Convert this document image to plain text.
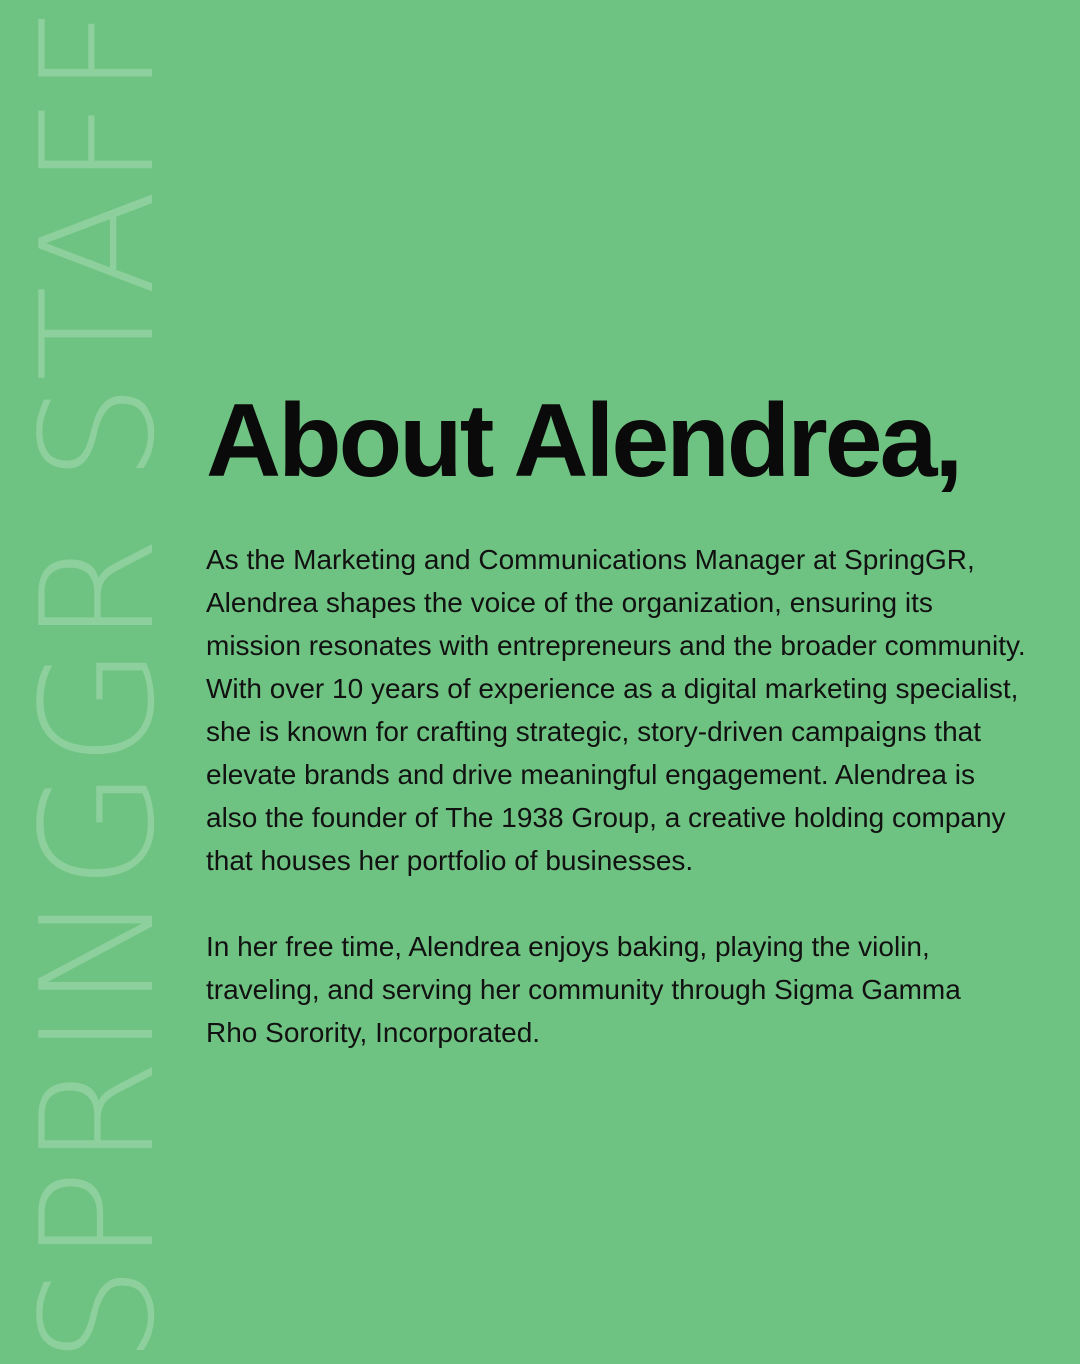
SPRINGGR STAFF About Alendrea,

As the Marketing and Communications Manager at SpringGR, Alendrea shapes the voice of the organization, ensuring its mission resonates with entrepreneurs and the broader community. With over 10 years of experience as a digital marketing specialist, she is known for crafting strategic, story-driven campaigns that elevate brands and drive meaningful engagement. Alendrea is also the founder of The 1938 Group, a creative holding company that houses her portfolio of businesses.

In her free time, Alendrea enjoys baking, playing the violin, traveling, and serving her community through Sigma Gamma Rho Sorority, Incorporated.
